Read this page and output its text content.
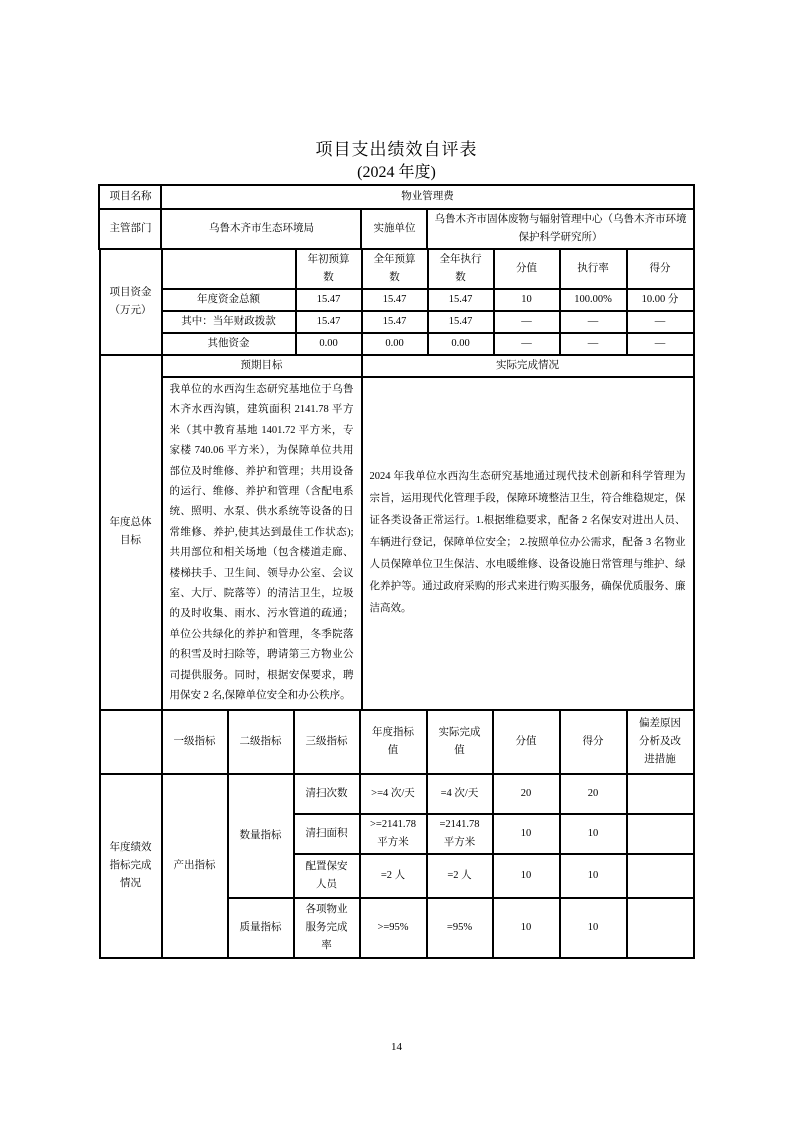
项目支出绩效自评表
(2024 年度)
项目名称	物业管理费		
主管部门	乌鲁木齐市生态环境局	实施单位	乌鲁木齐市固体废物与辐射管理中心（乌鲁木齐市环境保护科学研究所）
项目资金（万元）		年初预算数	全年预算数	全年执行数	分值	执行率	得分
	年度资金总额	15.47	15.47	15.47	10	100.00%	10.00 分
	其中：当年财政拨款	15.47	15.47	15.47	—	—	—
	其他资金	0.00	0.00	0.00	—	—	—
年度总体目标	预期目标	实际完成情况
	我单位的水西沟生态研究基地位于乌鲁木齐水西沟镇，建筑面积 2141.78 平方米（其中教育基地 1401.72 平方米，专家楼 740.06 平方米），为保障单位共用部位及时维修、养护和管理；共用设备的运行、维修、养护和管理（含配电系统、照明、水泵、供水系统等设备的日常维修、养护,使其达到最佳工作状态);共用部位和相关场地（包含楼道走廊、楼梯扶手、卫生间、领导办公室、会议室、大厅、院落等）的清洁卫生，垃圾的及时收集、雨水、污水管道的疏通；单位公共绿化的养护和管理，冬季院落的积雪及时扫除等，聘请第三方物业公司提供服务。同时，根据安保要求，聘用保安 2 名,保障单位安全和办公秩序。	2024 年我单位水西沟生态研究基地通过现代技术创新和科学管理为宗旨，运用现代化管理手段，保障环境整洁卫生，符合维稳规定，保证各类设备正常运行。1.根据维稳要求，配备 2 名保安对进出人员、车辆进行登记，保障单位安全； 2.按照单位办公需求，配备 3 名物业人员保障单位卫生保洁、水电暖维修、设备设施日常管理与维护、绿化养护等。通过政府采购的形式来进行购买服务，确保优质服务、廉洁高效。
	一级指标	二级指标	三级指标	年度指标值	实际完成值	分值	得分	偏差原因分析及改进措施
年度绩效指标完成情况	产出指标	数量指标	清扫次数	>=4 次/天	=4 次/天	20	20	
			清扫面积	>=2141.78 平方米	=2141.78 平方米	10	10	
			配置保安人员	=2 人	=2 人	10	10	
		质量指标	各项物业服务完成率	>=95%	=95%	10	10	
14
